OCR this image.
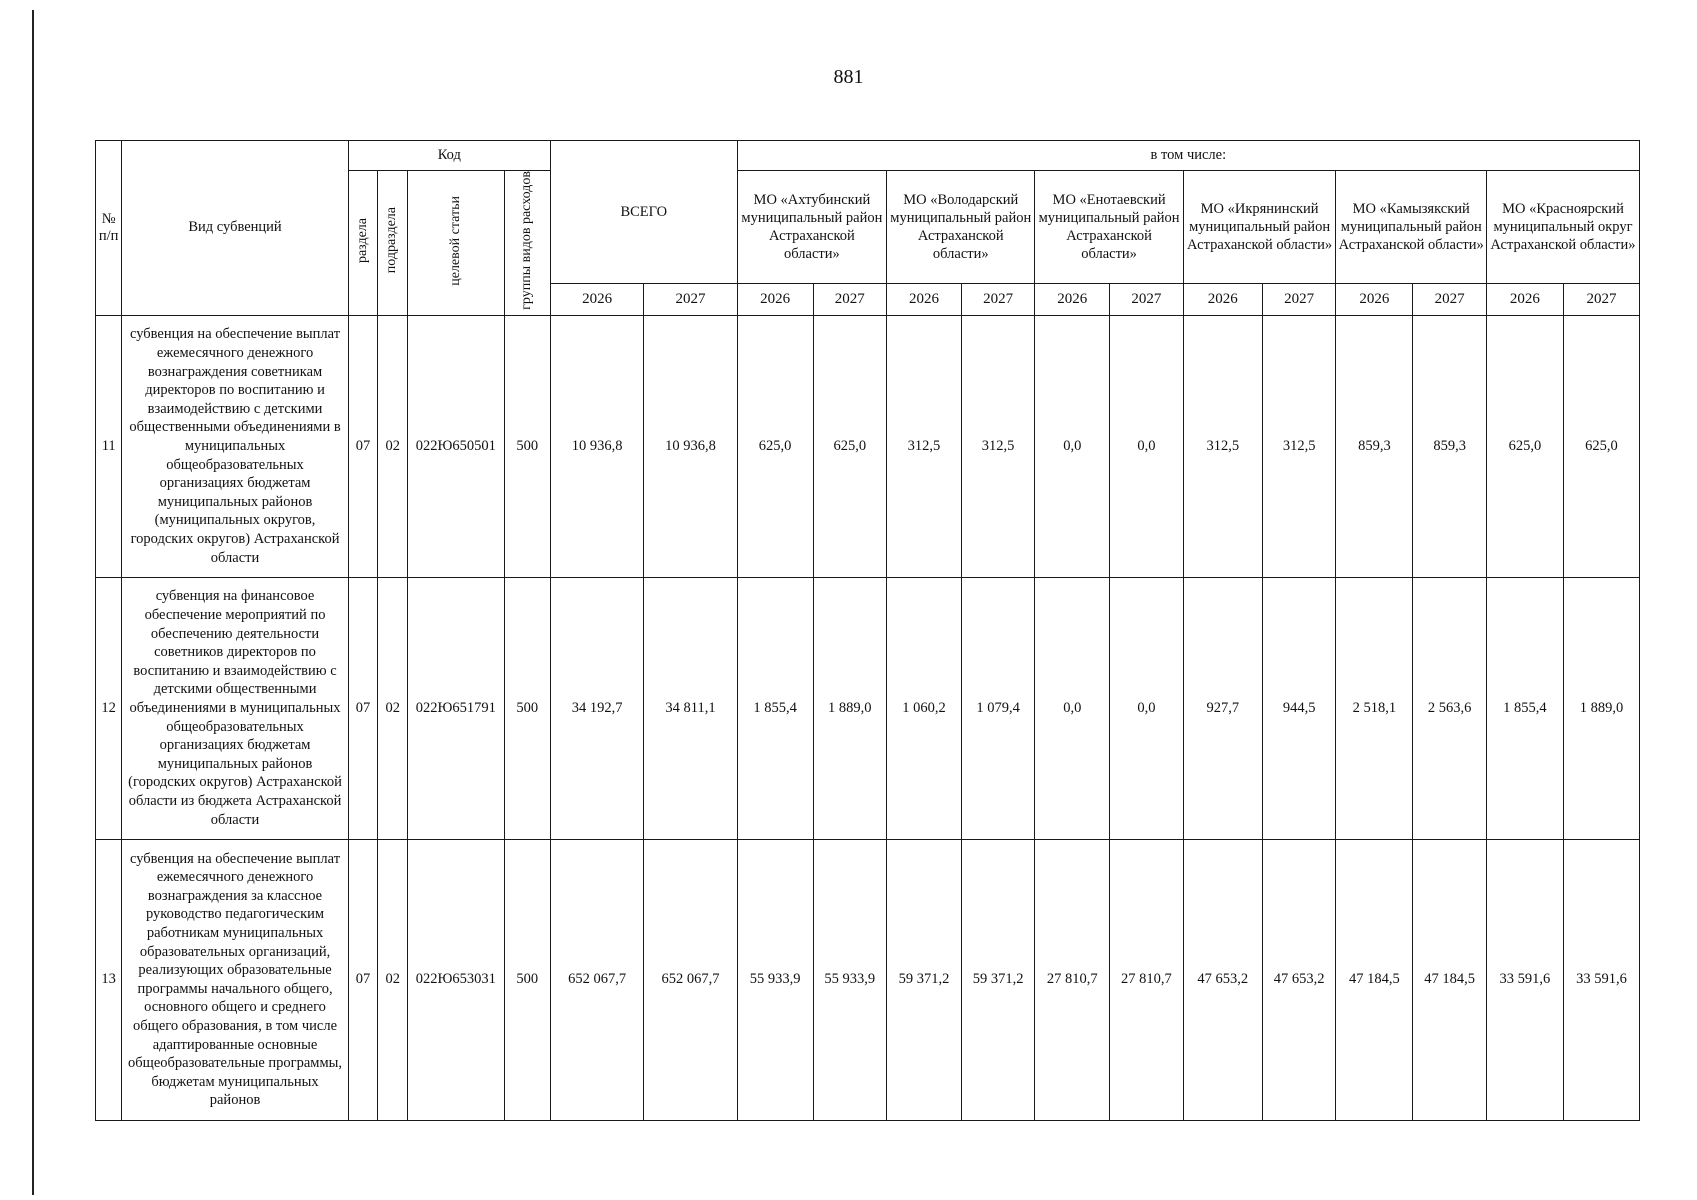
881
№ п/п	Вид субвенций	Код				ВСЕГО		в том числе:											
		раздела	подраздела	целевой статьи	группы видов расходов			МО «Ахтубинский муниципальный район Астраханской области»		МО «Володарский муниципальный район Астраханской области»		МО «Енотаевский муниципальный район Астраханской области»		МО «Икрянинский муниципальный район Астраханской области»		МО «Камызякский муниципальный район Астраханской области»		МО «Красноярский муниципальный округ Астраханской области»	
						2026	2027	2026	2027	2026	2027	2026	2027	2026	2027	2026	2027	2026	2027
11	субвенция на обеспечение выплат ежемесячного денежного вознаграждения советникам директоров по воспитанию и взаимодействию с детскими общественными объединениями в муниципальных общеобразовательных организациях бюджетам муниципальных районов (муниципальных округов, городских округов) Астраханской области	07	02	022Ю650501	500	10 936,8	10 936,8	625,0	625,0	312,5	312,5	0,0	0,0	312,5	312,5	859,3	859,3	625,0	625,0
12	субвенция на финансовое обеспечение мероприятий по обеспечению деятельности советников директоров по воспитанию и взаимодействию с детскими общественными объединениями в муниципальных общеобразовательных организациях бюджетам муниципальных районов (городских округов) Астраханской области из бюджета Астраханской области	07	02	022Ю651791	500	34 192,7	34 811,1	1 855,4	1 889,0	1 060,2	1 079,4	0,0	0,0	927,7	944,5	2 518,1	2 563,6	1 855,4	1 889,0
13	субвенция на обеспечение выплат ежемесячного денежного вознаграждения за классное руководство педагогическим работникам муниципальных образовательных организаций, реализующих образовательные программы начального общего, основного общего и среднего общего образования, в том числе адаптированные основные общеобразовательные программы, бюджетам муниципальных районов	07	02	022Ю653031	500	652 067,7	652 067,7	55 933,9	55 933,9	59 371,2	59 371,2	27 810,7	27 810,7	47 653,2	47 653,2	47 184,5	47 184,5	33 591,6	33 591,6
